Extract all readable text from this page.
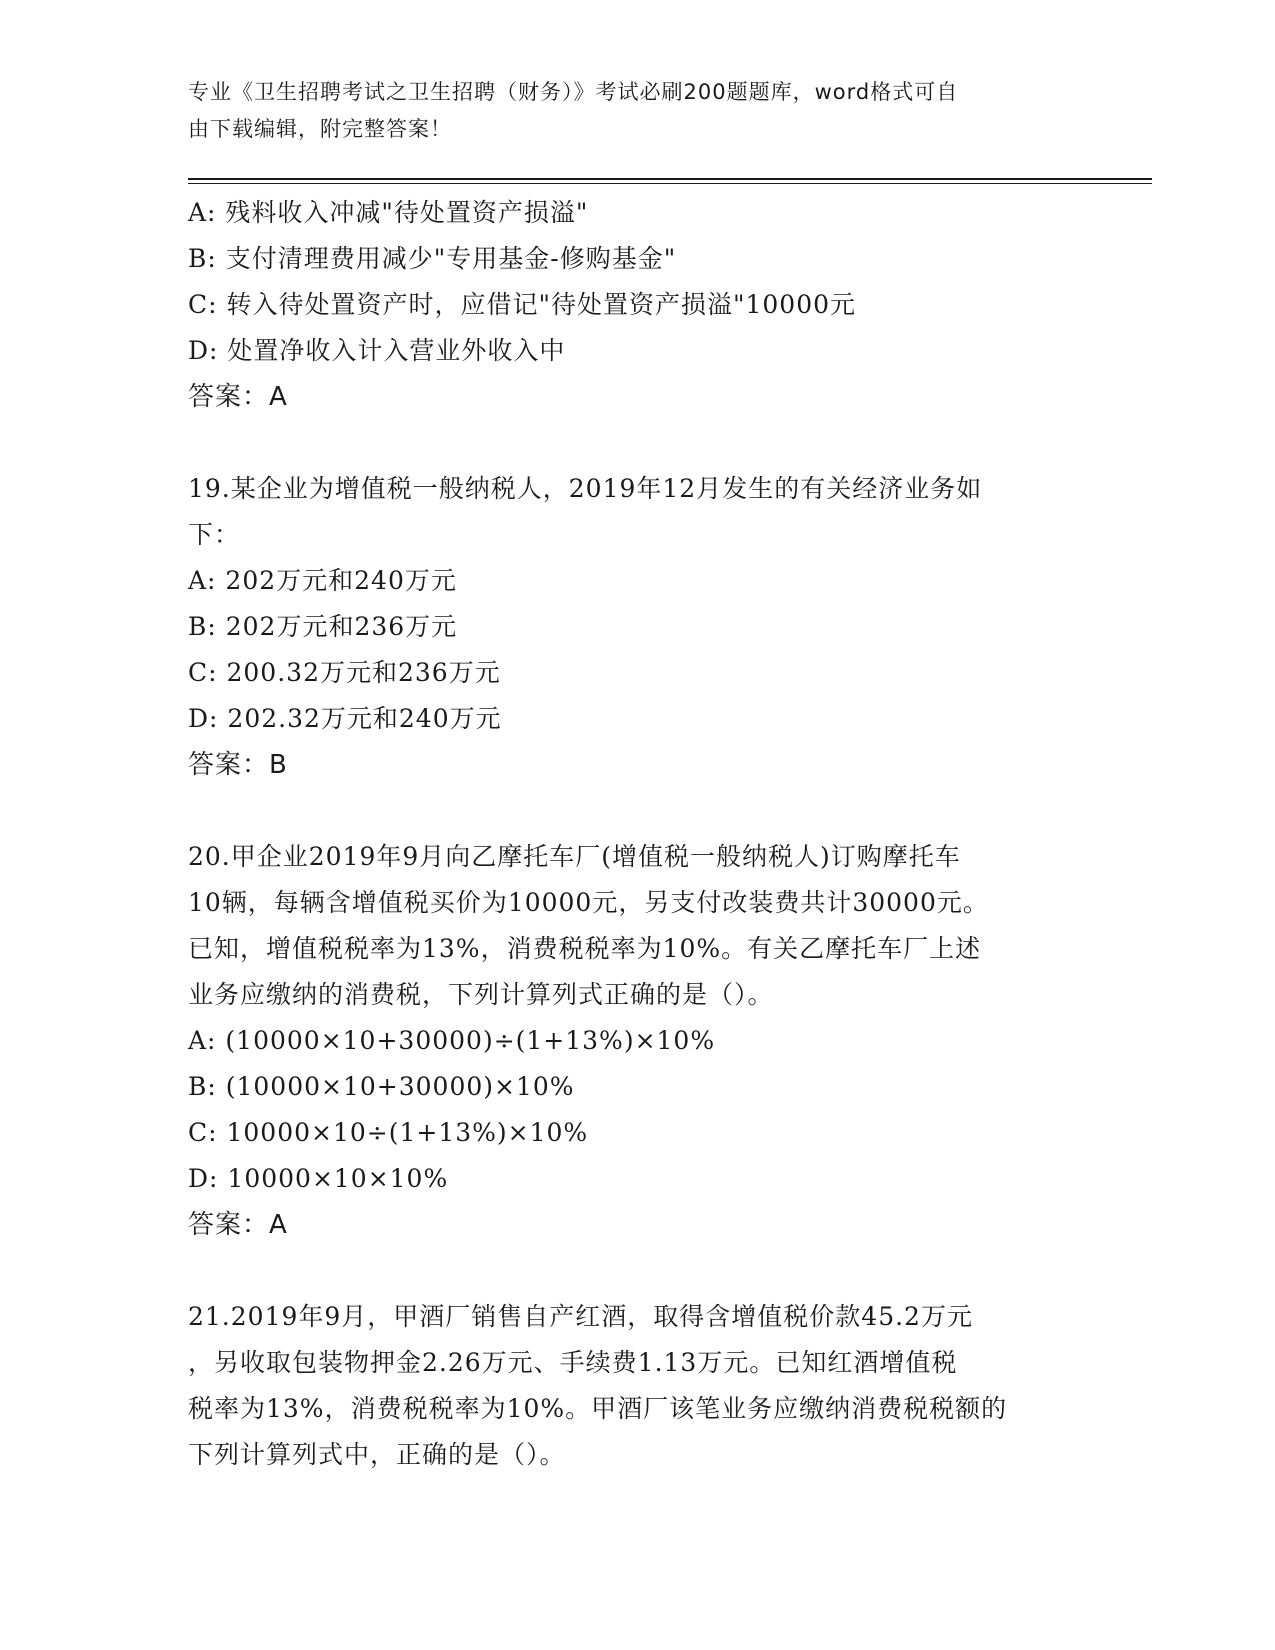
专业《卫生招聘考试之卫生招聘（财务）》考试必刷200题题库，word格式可自
由下载编辑，附完整答案！
A: 残料收入冲减"待处置资产损溢"
B: 支付清理费用减少"专用基金-修购基金"
C: 转入待处置资产时，应借记"待处置资产损溢"10000元
D: 处置净收入计入营业外收入中
答案：A
19.某企业为增值税一般纳税人，2019年12月发生的有关经济业务如
下：
A: 202万元和240万元
B: 202万元和236万元
C: 200.32万元和236万元
D: 202.32万元和240万元
答案：B
20.甲企业2019年9月向乙摩托车厂(增值税一般纳税人)订购摩托车
10辆，每辆含增值税买价为10000元，另支付改装费共计30000元。
已知，增值税税率为13%，消费税税率为10%。有关乙摩托车厂上述
业务应缴纳的消费税，下列计算列式正确的是（）。
A: (10000×10+30000)÷(1+13%)×10%
B: (10000×10+30000)×10%
C: 10000×10÷(1+13%)×10%
D: 10000×10×10%
答案：A
21.2019年9月，甲酒厂销售自产红酒，取得含增值税价款45.2万元
，另收取包装物押金2.26万元、手续费1.13万元。已知红酒增值税
税率为13%，消费税税率为10%。甲酒厂该笔业务应缴纳消费税税额的
下列计算列式中，正确的是（）。
